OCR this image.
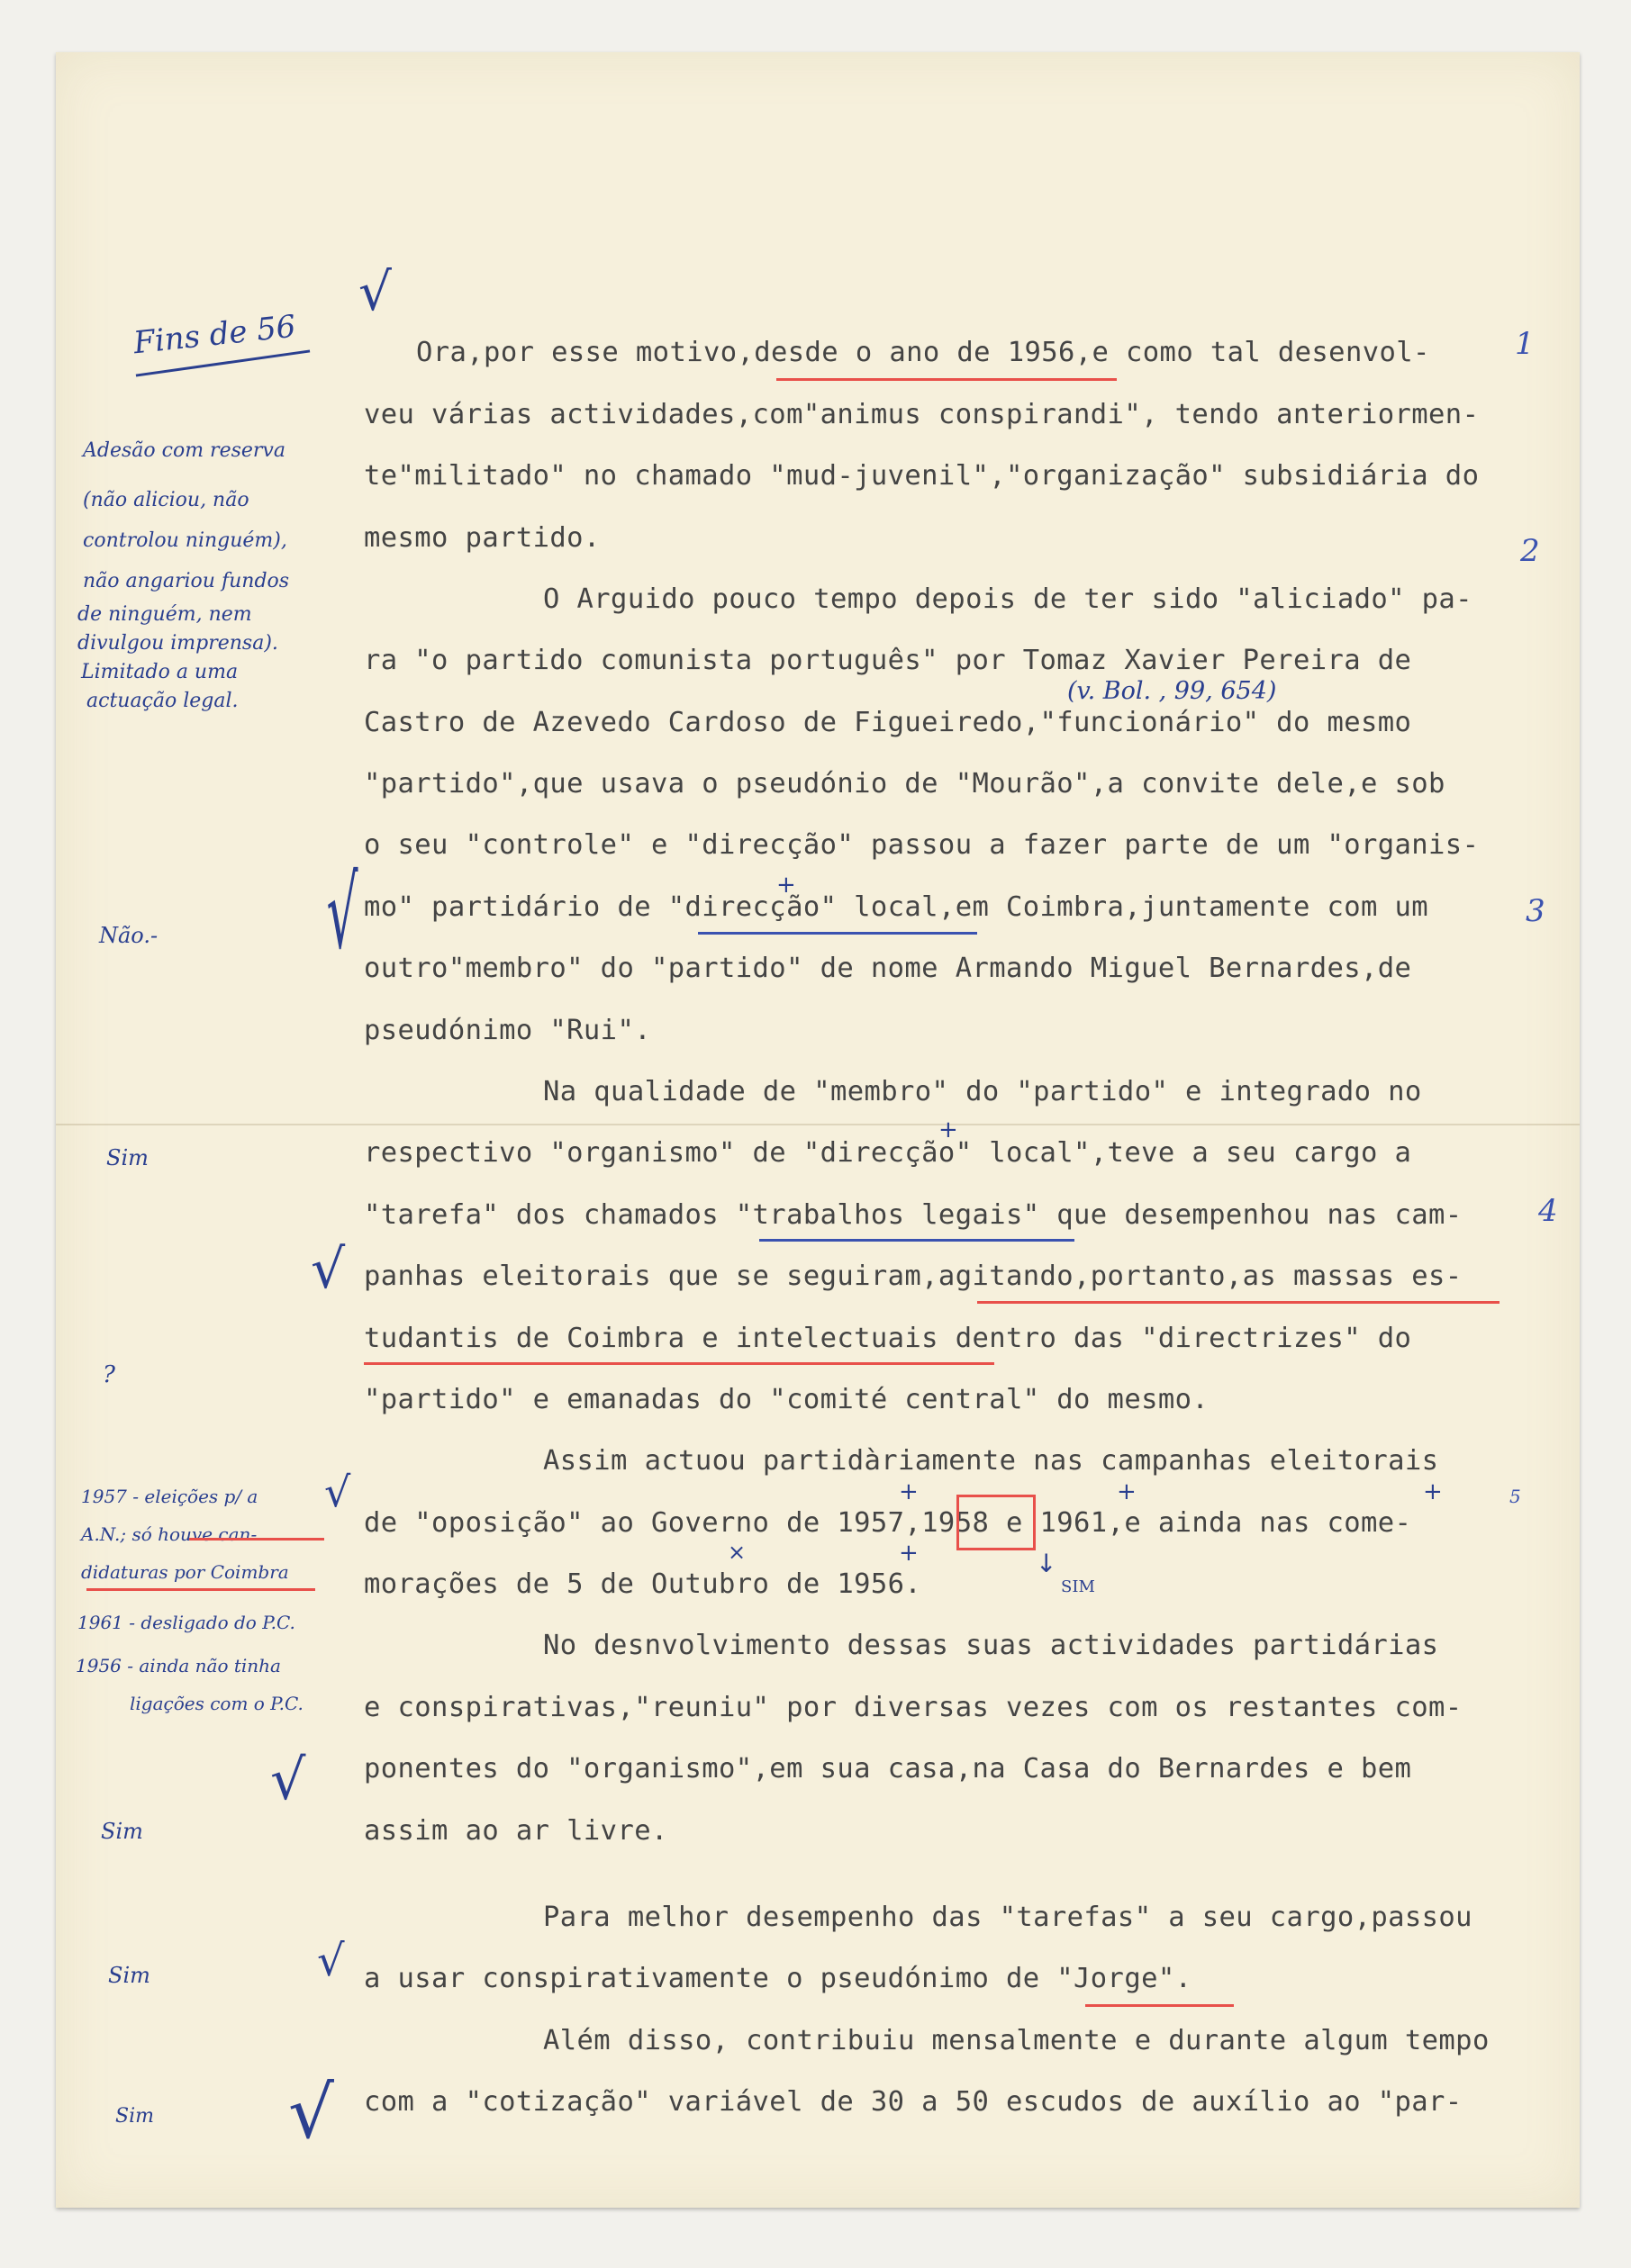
Ora,por esse motivo,desde o ano de 1956,e como tal desenvol-

veu várias actividades,com"animus conspirandi", tendo anteriormen-

te"militado" no chamado "mud-juvenil","organização" subsidiária do

mesmo partido.

O Arguido pouco tempo depois de ter sido "aliciado" pa-

ra "o partido comunista português" por Tomaz Xavier Pereira de

Castro de Azevedo Cardoso de Figueiredo,"funcionário" do mesmo

"partido",que usava o pseudónio de "Mourão",a convite dele,e sob

o seu "controle" e "direcção" passou a fazer parte de um "organis-

mo" partidário de "direcção" local,em Coimbra,juntamente com um

outro"membro" do "partido" de nome Armando Miguel Bernardes,de

pseudónimo "Rui".

Na qualidade de "membro" do "partido" e integrado no

respectivo "organismo" de "direcção" local",teve a seu cargo a

"tarefa" dos chamados "trabalhos legais" que desempenhou nas cam-

panhas eleitorais que se seguiram,agitando,portanto,as massas es-

tudantis de Coimbra e intelectuais dentro das "directrizes" do

"partido" e emanadas do "comité central" do mesmo.

Assim actuou partidàriamente nas campanhas eleitorais

de "oposição" ao Governo de 1957,1958 e 1961,e ainda nas come-

morações de 5 de Outubro de 1956.

No desnvolvimento dessas suas actividades partidárias

e conspirativas,"reuniu" por diversas vezes com os restantes com-

ponentes do "organismo",em sua casa,na Casa do Bernardes e bem

assim ao ar livre.

Para melhor desempenho das "tarefas" a seu cargo,passou

a usar conspirativamente o pseudónimo de "Jorge".

Além disso, contribuiu mensalmente e durante algum tempo

com a "cotização" variável de 30 a 50 escudos de auxílio ao "par-

(v. Bol. , 99, 654)

SIM

+
+
+	+	+
+
×	↓
√
√
√
√
√
√
√
1
2
3
4
5

Fins de 56

Adesão com reserva

(não aliciou, não

controlou ninguém),

não angariou fundos

de ninguém, nem

divulgou imprensa).

Limitado a uma

actuação legal.

Não.-

Sim

?

1957 - eleições p/ a

A.N.; só houve can-

didaturas por Coimbra

1961 - desligado do P.C.

1956 - ainda não tinha

ligações com o P.C.

Sim

Sim

Sim
